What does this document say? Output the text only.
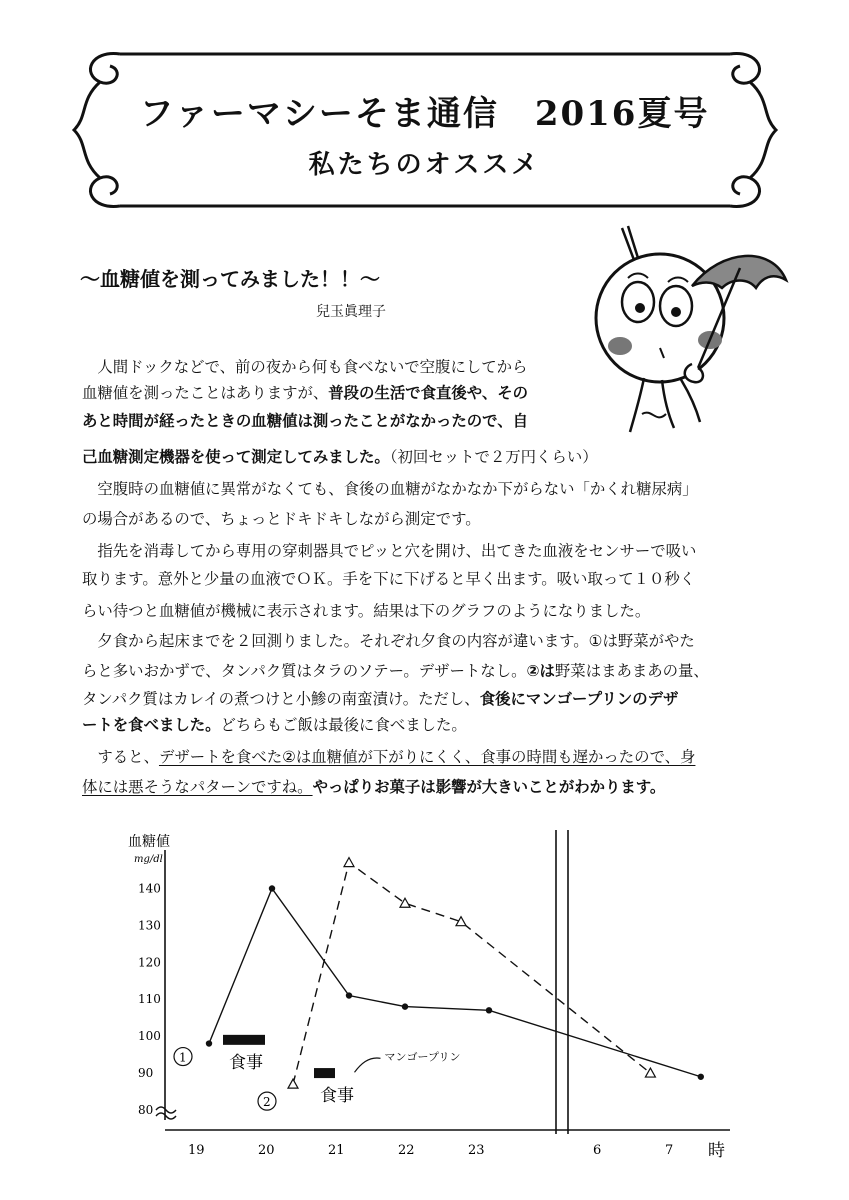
ファーマシーそま通信　2016夏号
私たちのオススメ
〜血糖値を測ってみました！！〜
兒玉眞理子
　人間ドックなどで、前の夜から何も食べないで空腹にしてから
血糖値を測ったことはありますが、普段の生活で食直後や、その
あと時間が経ったときの血糖値は測ったことがなかったので、自
己血糖測定機器を使って測定してみました。（初回セットで２万円くらい）
　空腹時の血糖値に異常がなくても、食後の血糖がなかなか下がらない「かくれ糖尿病」
の場合があるので、ちょっとドキドキしながら測定です。
　指先を消毒してから専用の穿刺器具でピッと穴を開け、出てきた血液をセンサーで吸い
取ります。意外と少量の血液でＯＫ。手を下に下げると早く出ます。吸い取って１０秒く
らい待つと血糖値が機械に表示されます。結果は下のグラフのようになりました。
　夕食から起床までを２回測りました。それぞれ夕食の内容が違います。①は野菜がやた
らと多いおかずで、タンパク質はタラのソテー。デザートなし。②は野菜はまあまあの量、
タンパク質はカレイの煮つけと小鯵の南蛮漬け。ただし、食後にマンゴープリンのデザ
ートを食べました。どちらもご飯は最後に食べました。
　すると、デザートを食べた②は血糖値が下がりにくく、食事の時間も遅かったので、身
体には悪そうなパターンですね。やっぱりお菓子は影響が大きいことがわかります。
血糖値
mg/dl
140
130
120
110
100
90
80
19	20	21	22	23	6	7 時
1
2
食事
食事
マンゴープリン
